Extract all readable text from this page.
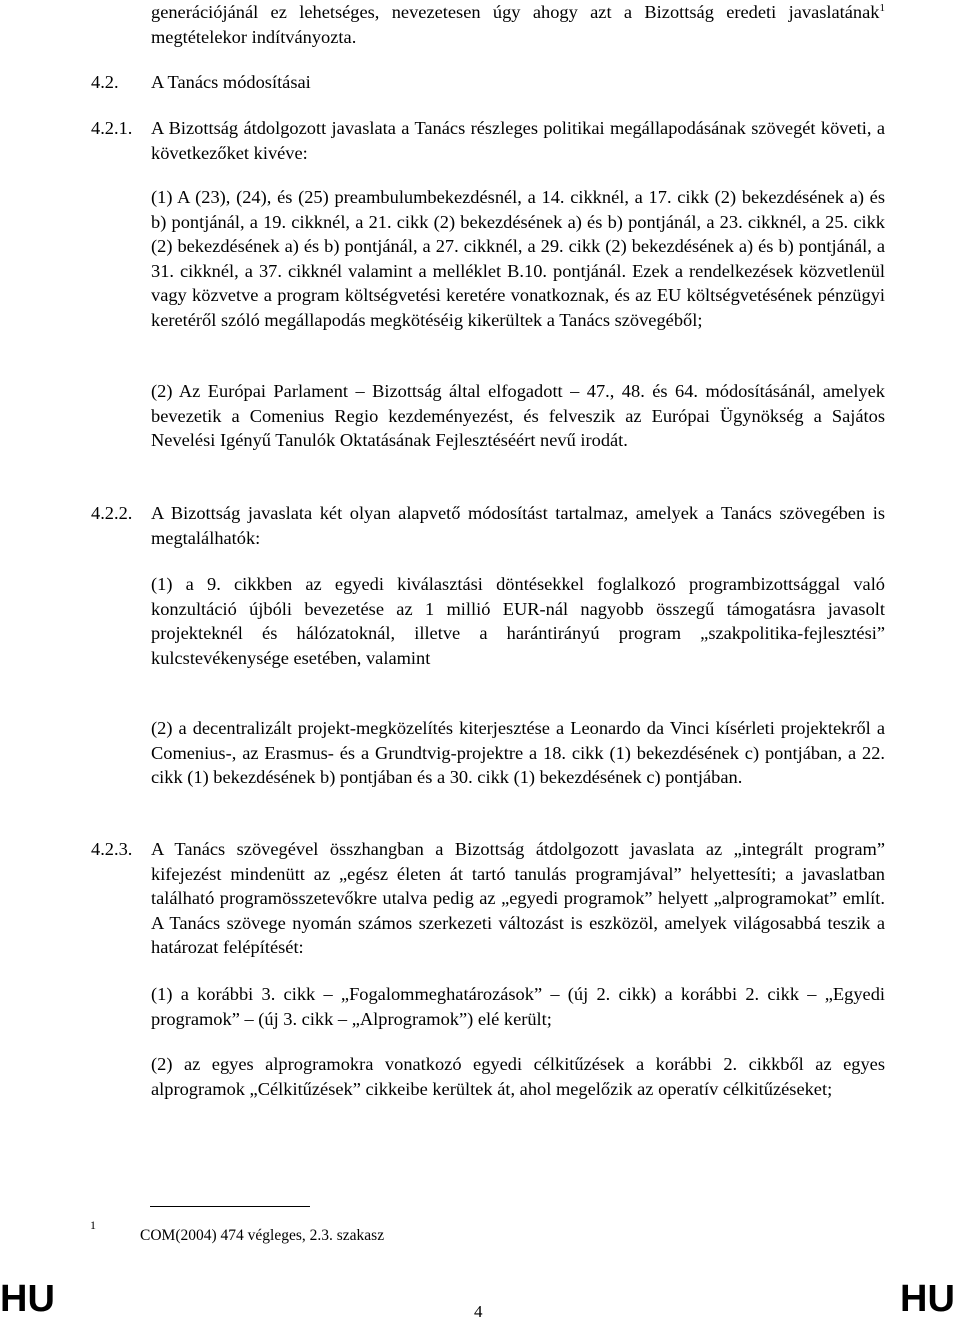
generációjánál ez lehetséges, nevezetesen úgy ahogy azt a Bizottság eredeti javaslatának$^1$ megtételekor indítványozta.

4.2. A Tanács módosításai
4.2.1. A Bizottság átdolgozott javaslata a Tanács részleges politikai megállapodásának szövegét követi, a következőket kivéve:
(1) A (23), (24), és (25) preambulumbekezdésnél, a 14. cikknél, a 17. cikk (2) bekezdésének a) és b) pontjánál, a 19. cikknél, a 21. cikk (2) bekezdésének a) és b) pontjánál, a 23. cikknél, a 25. cikk (2) bekezdésének a) és b) pontjánál, a 27. cikknél, a 29. cikk (2) bekezdésének a) és b) pontjánál, a 31. cikknél, a 37. cikknél valamint a melléklet B.10. pontjánál. Ezek a rendelkezések közvetlenül vagy közvetve a program költségvetési keretére vonatkoznak, és az EU költségvetésének pénzügyi keretéről szóló megállapodás megkötéséig kikerültek a Tanács szövegéből;
(2) Az Európai Parlament – Bizottság által elfogadott – 47., 48. és 64. módosításánál, amelyek bevezetik a Comenius Regio kezdeményezést, és felveszik az Európai Ügynökség a Sajátos Nevelési Igényű Tanulók Oktatásának Fejlesztéséért nevű irodát.
4.2.2. A Bizottság javaslata két olyan alapvető módosítást tartalmaz, amelyek a Tanács szövegében is megtalálhatók:
(1) a 9. cikkben az egyedi kiválasztási döntésekkel foglalkozó programbizottsággal való konzultáció újbóli bevezetése az 1 millió EUR-nál nagyobb összegű támogatásra javasolt projekteknél és hálózatoknál, illetve a harántirányú program „szakpolitika-fejlesztési” kulcstevékenysége esetében, valamint
(2) a decentralizált projekt-megközelítés kiterjesztése a Leonardo da Vinci kísérleti projektekről a Comenius-, az Erasmus- és a Grundtvig-projektre a 18. cikk (1) bekezdésének c) pontjában, a 22. cikk (1) bekezdésének b) pontjában és a 30. cikk (1) bekezdésének c) pontjában.
4.2.3. A Tanács szövegével összhangban a Bizottság átdolgozott javaslata az „integrált program” kifejezést mindenütt az „egész életen át tartó tanulás programjával” helyettesíti; a javaslatban található programösszetevőkre utalva pedig az „egyedi programok” helyett „alprogramokat” említ. A Tanács szövege nyomán számos szerkezeti változást is eszközöl, amelyek világosabbá teszik a határozat felépítését:
(1) a korábbi 3. cikk – „Fogalommeghatározások” – (új 2. cikk) a korábbi 2. cikk – „Egyedi programok” – (új 3. cikk – „Alprogramok”) elé került;
(2) az egyes alprogramokra vonatkozó egyedi célkitűzések a korábbi 2. cikkből az egyes alprogramok „Célkitűzések” cikkeibe kerültek át, ahol megelőzik az operatív célkitűzéseket;
1
COM(2004) 474 végleges, 2.3. szakasz
HU	4	HU
